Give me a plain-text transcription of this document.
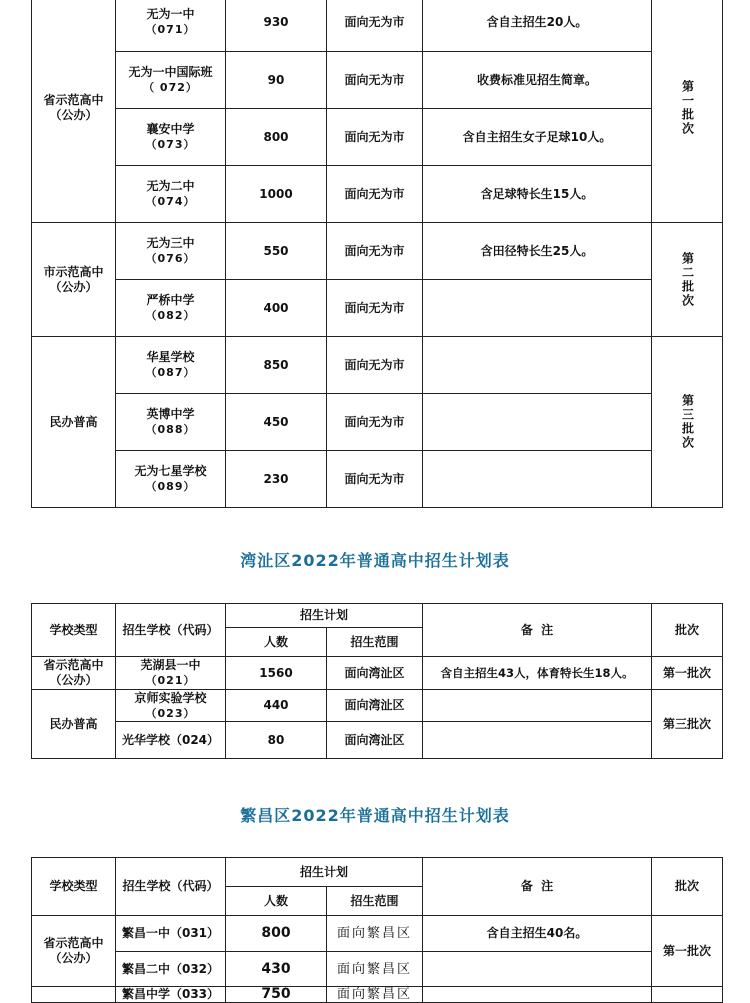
省示范高中
（公办）	无为一中
（071）	930	面向无为市	含自主招生20人。	第一批次

	无为一中国际班
（ 072）	90	面向无为市	收费标准见招生简章。	
	襄安中学
（073）	800	面向无为市	含自主招生女子足球10人。	
	无为二中
（074）	1000	面向无为市	含足球特长生15人。	
市示范高中
（公办）	无为三中
（076）	550	面向无为市	含田径特长生25人。	第二批次

	严桥中学
（082）	400	面向无为市		
民办普高	华星学校
（087）	850	面向无为市		第三批次

	英博中学
（088）	450	面向无为市		
	无为七星学校
（089）	230	面向无为市		
湾沚区2022年普通高中招生计划表
学校类型	招生学校（代码）	招生计划		备  注	批次
		人数	招生范围		
省示范高中
（公办）	芜湖县一中
（021）	1560	面向湾沚区	含自主招生43人，体育特长生18人。	第一批次
民办普高	京师实验学校
（023）	440	面向湾沚区		第三批次
	光华学校（024）	80	面向湾沚区		
繁昌区2022年普通高中招生计划表
学校类型	招生学校（代码）	招生计划		备  注	批次
		人数	招生范围		
省示范高中
（公办）	繁昌一中（031）	800	面向繁昌区	含自主招生40名。	第一批次
	繁昌二中（032）	430	面向繁昌区		
	繁昌中学（033）	750	面向繁昌区		
